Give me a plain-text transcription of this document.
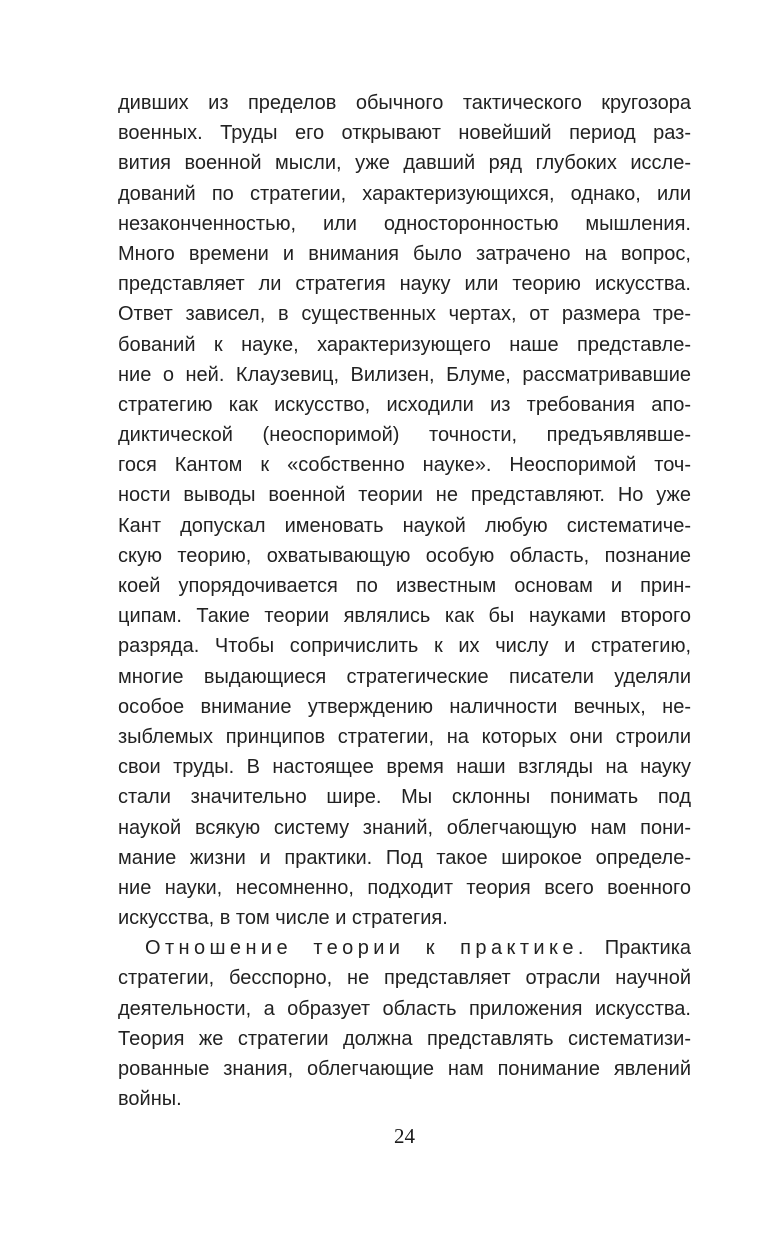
дивших из пределов обычного тактического кругозора
военных. Труды его открывают новейший период раз-
вития военной мысли, уже давший ряд глубоких иссле-
дований по стратегии, характеризующихся, однако, или
незаконченностью, или односторонностью мышления.
Много времени и внимания было затрачено на вопрос,
представляет ли стратегия науку или теорию искусства.
Ответ зависел, в существенных чертах, от размера тре-
бований к науке, характеризующего наше представле-
ние о ней. Клаузевиц, Вилизен, Блуме, рассматривавшие
стратегию как искусство, исходили из требования апо-
диктической (неоспоримой) точности, предъявлявше-
гося Кантом к «собственно науке». Неоспоримой точ-
ности выводы военной теории не представляют. Но уже
Кант допускал именовать наукой любую систематиче-
скую теорию, охватывающую особую область, познание
коей упорядочивается по известным основам и прин-
ципам. Такие теории являлись как бы науками второго
разряда. Чтобы сопричислить к их числу и стратегию,
многие выдающиеся стратегические писатели уделяли
особое внимание утверждению наличности вечных, не-
зыблемых принципов стратегии, на которых они строили
свои труды. В настоящее время наши взгляды на науку
стали значительно шире. Мы склонны понимать под
наукой всякую систему знаний, облегчающую нам пони-
мание жизни и практики. Под такое широкое определе-
ние науки, несомненно, подходит теория всего военного
искусства, в том числе и стратегия.
Отношение теории к практике. Практика
стратегии, бесспорно, не представляет отрасли научной
деятельности, а образует область приложения искусства.
Теория же стратегии должна представлять систематизи-
рованные знания, облегчающие нам понимание явлений
войны.
24
